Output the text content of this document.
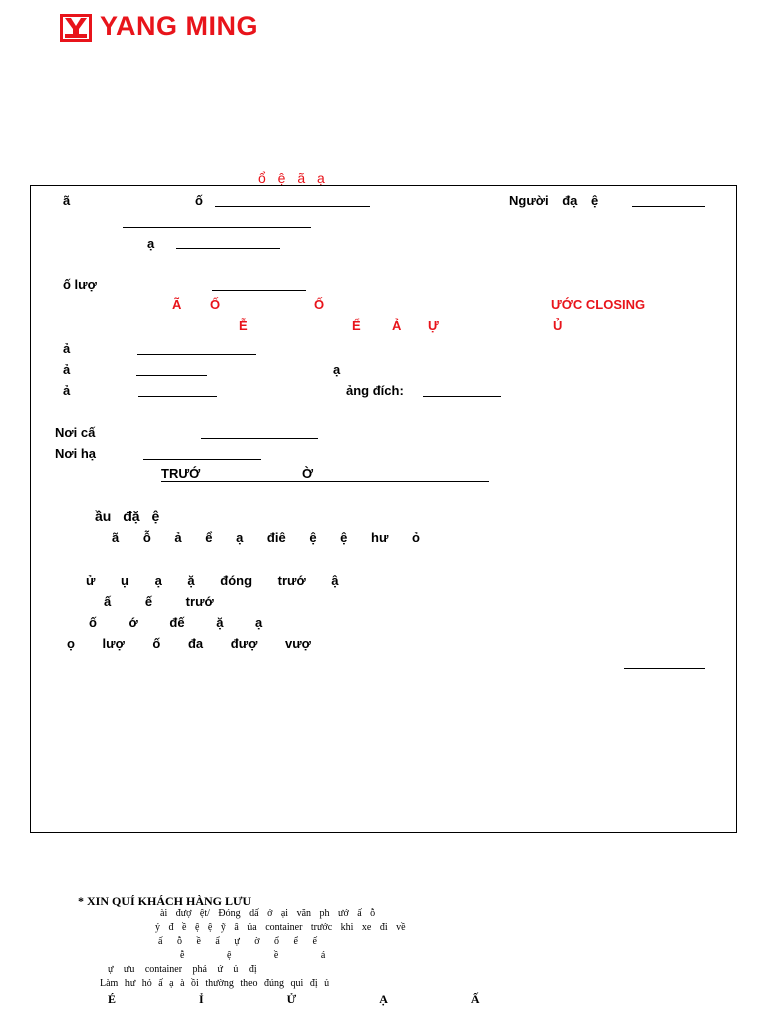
YANG MING
ổ ệ ã ạ
ã	ố	Người đạ ệ
ạ
ố lượ
Ã Ố	Ố	ƯỚC CLOSING
Ễ	Ể Ả Ự	Ủ
ả
ả	ạ
ả	ảng đích:
Nơi cấ
Nơi hạ
TRƯỚ	Ờ
ầu đặ ệ
ã ỗ ả ể ạ điê ệ ệ hư ỏ
ử ụ ạ ặ đóng trướ ậ
ấ ế trướ
ố ớ đế ặ ạ
ọ lượ ố đa đượ vượ
* XIN QUÍ KHÁCH HÀNG LƯU
ài đượ ệt/ Đóng dấ ở ại văn ph ướ ấ ỗ
ỷ đ ề ệ ệ ỹ â ủa container trước khi xe đi về
ấ ỗ ề ẩ ự ờ ổ ể ế
ễ ệ ề á
ự ưu container phả ứ ủ đị
Làm hư hỏ ấ ạ à ồi thường theo đúng qui đị ủ
É Ỉ Ử Ạ Ấ
